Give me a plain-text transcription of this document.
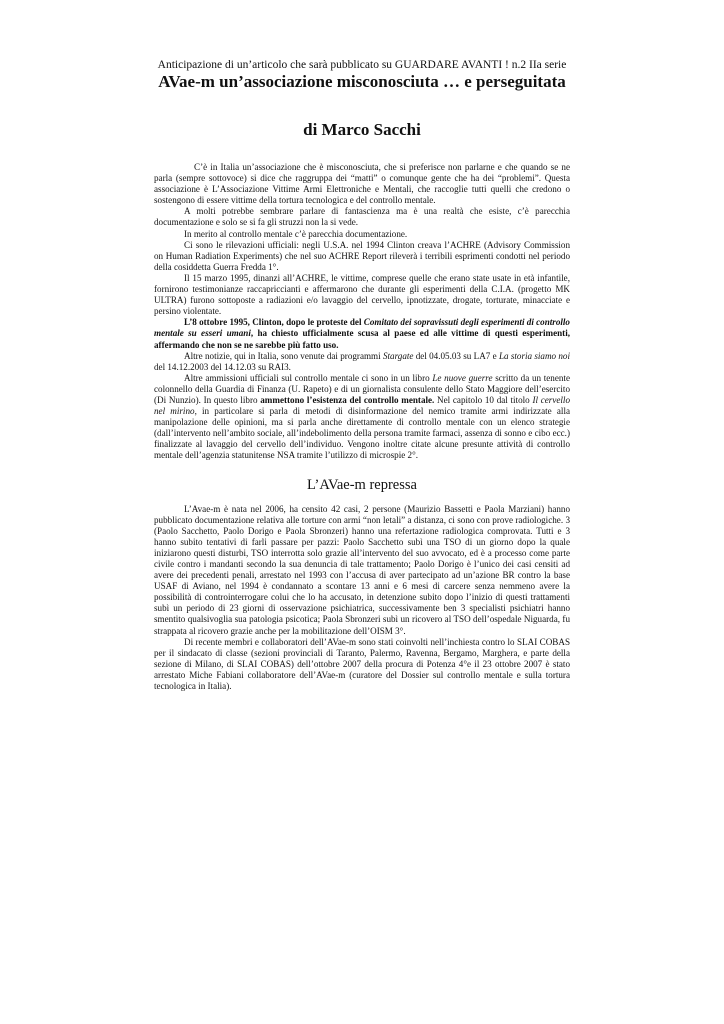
Anticipazione di un’articolo che sarà pubblicato su GUARDARE AVANTI ! n.2 IIa serie

AVae-m un’associazione misconosciuta … e perseguitata
di Marco Sacchi

C’è in Italia un’associazione che è misconosciuta, che si preferisce non parlarne e che quando se ne parla (sempre sottovoce) si dice che raggruppa dei “matti” o comunque gente che ha dei “problemi”. Questa associazione è L’Associazione Vittime Armi Elettroniche e Mentali, che raccoglie tutti quelli che credono o sostengono di essere vittime della tortura tecnologica e del controllo mentale.

A molti potrebbe sembrare parlare di fantascienza ma è una realtà che esiste, c’è parecchia documentazione e solo se si fa gli struzzi non la si vede.

In merito al controllo mentale c’è parecchia documentazione.

Ci sono le rilevazioni ufficiali: negli U.S.A. nel 1994 Clinton creava l’ACHRE (Advisory Commission on Human Radiation Experiments) che nel suo ACHRE Report rileverà i terribili esprimenti condotti nel periodo della cosiddetta Guerra Fredda 1°.

Il 15 marzo 1995, dinanzi all’ACHRE, le vittime, comprese quelle che erano state usate in età infantile, fornirono testimonianze raccapriccianti e affermarono che durante gli esperimenti della C.I.A. (progetto MK ULTRA) furono sottoposte a radiazioni e/o lavaggio del cervello, ipnotizzate, drogate, torturate, minacciate e persino violentate.

L’8 ottobre 1995, Clinton, dopo le proteste del Comitato dei sopravissuti degli esperimenti di controllo mentale su esseri umani, ha chiesto ufficialmente scusa al paese ed alle vittime di questi esperimenti, affermando che non se ne sarebbe più fatto uso.

Altre notizie, qui in Italia, sono venute dai programmi Stargate del 04.05.03 su LA7 e La storia siamo noi del 14.12.2003 del 14.12.03 su RAI3.

Altre ammissioni ufficiali sul controllo mentale ci sono in un libro Le nuove guerre scritto da un tenente colonnello della Guardia di Finanza (U. Rapeto) e di un giornalista consulente dello Stato Maggiore dell’esercito (Di Nunzio). In questo libro ammettono l’esistenza del controllo mentale. Nel capitolo 10 dal titolo Il cervello nel mirino, in particolare si parla di metodi di disinformazione del nemico tramite armi indirizzate alla manipolazione delle opinioni, ma si parla anche direttamente di controllo mentale con un elenco strategie (dall’intervento nell’ambito sociale, all’indebolimento della persona tramite farmaci, assenza di sonno e cibo ecc.) finalizzate al lavaggio del cervello dell’individuo. Vengono inoltre citate alcune presunte attività di controllo mentale dell’agenzia statunitense NSA tramite l’utilizzo di microspie 2°.

L’AVae-m repressa

L’Avae-m è nata nel 2006, ha censito 42 casi, 2 persone (Maurizio Bassetti e Paola Marziani) hanno pubblicato documentazione relativa alle torture con armi “non letali” a distanza, ci sono con prove radiologiche. 3 (Paolo Sacchetto, Paolo Dorigo e Paola Sbronzeri) hanno una refertazione radiologica comprovata. Tutti e 3 hanno subito tentativi di farli passare per pazzi: Paolo Sacchetto subì una TSO di un giorno dopo la quale iniziarono questi disturbi, TSO interrotta solo grazie all’intervento del suo avvocato, ed è a processo come parte civile contro i mandanti secondo la sua denuncia di tale trattamento; Paolo Dorigo è l’unico dei casi censiti ad avere dei precedenti penali, arrestato nel 1993 con l’accusa di aver partecipato ad un’azione BR contro la base USAF di Aviano, nel 1994 è condannato a scontare 13 anni e 6 mesi di carcere senza nemmeno avere la possibilità di controinterrogare colui che lo ha accusato, in detenzione subito dopo l’inizio di questi trattamenti subì un periodo di 23 giorni di osservazione psichiatrica, successivamente ben 3 specialisti psichiatri hanno smentito qualsivoglia sua patologia psicotica; Paola Sbronzeri subì un ricovero al TSO dell’ospedale Niguarda, fu strappata al ricovero grazie anche per la mobilitazione dell’OISM 3°.

Di recente membri e collaboratori dell’AVae-m sono stati coinvolti nell’inchiesta contro lo SLAI COBAS per il sindacato di classe (sezioni provinciali di Taranto, Palermo, Ravenna, Bergamo, Marghera, e parte della sezione di Milano, di SLAI COBAS) dell’ottobre 2007 della procura di Potenza 4°e il 23 ottobre 2007 è stato arrestato Miche Fabiani collaboratore dell’AVae-m (curatore del Dossier sul controllo mentale e sulla tortura tecnologica in Italia).
